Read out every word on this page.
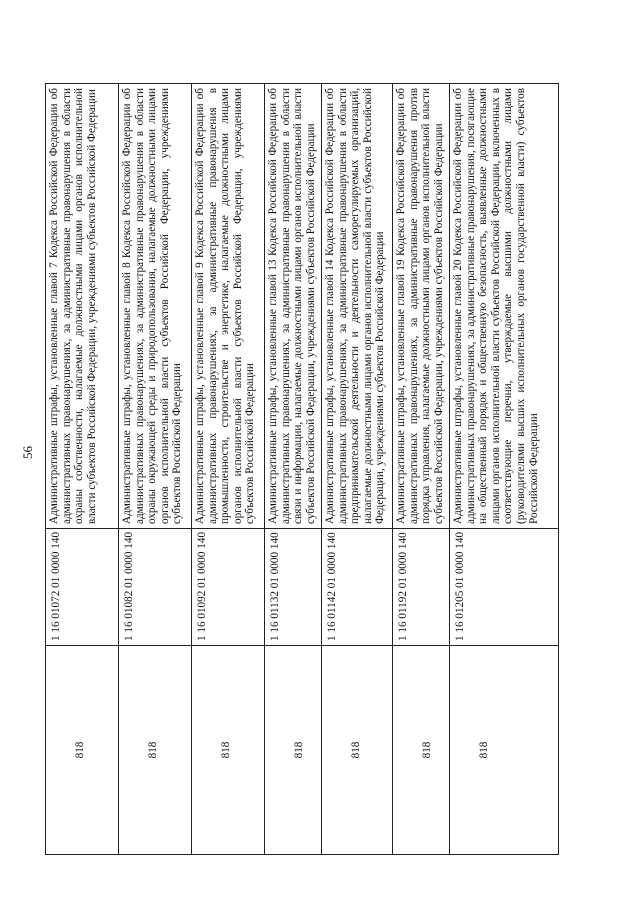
56
818	1 16 01072 01 0000 140	Административные штрафы, установленные главой 7 Кодекса Российской Федерации об административных правонарушениях, за административные правонарушения в области охраны собственности, налагаемые должностными лицами органов исполнительной власти субъектов Российской Федерации, учреждениями субъектов Российской Федерации

818	1 16 01082 01 0000 140	Административные штрафы, установленные главой 8 Кодекса Российской Федерации об административных правонарушениях, за административные правонарушения в области охраны окружающей среды и природопользования, налагаемые должностными лицами органов исполнительной власти субъектов Российской Федерации, учреждениями субъектов Российской Федерации

818	1 16 01092 01 0000 140	Административные штрафы, установленные главой 9 Кодекса Российской Федерации об административных правонарушениях, за административные правонарушения в промышленности, строительстве и энергетике, налагаемые должностными лицами органов исполнительной власти субъектов Российской Федерации, учреждениями субъектов Российской Федерации

818	1 16 01132 01 0000 140	Административные штрафы, установленные главой 13 Кодекса Российской Федерации об административных правонарушениях, за административные правонарушения в области связи и информации, налагаемые должностными лицами органов исполнительной власти субъектов Российской Федерации, учреждениями субъектов Российской Федерации

818	1 16 01142 01 0000 140	Административные штрафы, установленные главой 14 Кодекса Российской Федерации об административных правонарушениях, за административные правонарушения в области предпринимательской деятельности и деятельности саморегулируемых организаций, налагаемые должностными лицами органов исполнительной власти субъектов Российской Федерации, учреждениями субъектов Российской Федерации

818	1 16 01192 01 0000 140	Административные штрафы, установленные главой 19 Кодекса Российской Федерации об административных правонарушениях, за административные правонарушения против порядка управления, налагаемые должностными лицами органов исполнительной власти субъектов Российской Федерации, учреждениями субъектов Российской Федерации

818	1 16 01205 01 0000 140	Административные штрафы, установленные главой 20 Кодекса Российской Федерации об административных правонарушениях, за административные правонарушения, посягающие на общественный порядок и общественную безопасность, выявленные должностными лицами органов исполнительной власти субъектов Российской Федерации, включенных в соответствующие перечни, утверждаемые высшими должностными лицами (руководителями высших исполнительных органов государственной власти) субъектов Российской Федерации
